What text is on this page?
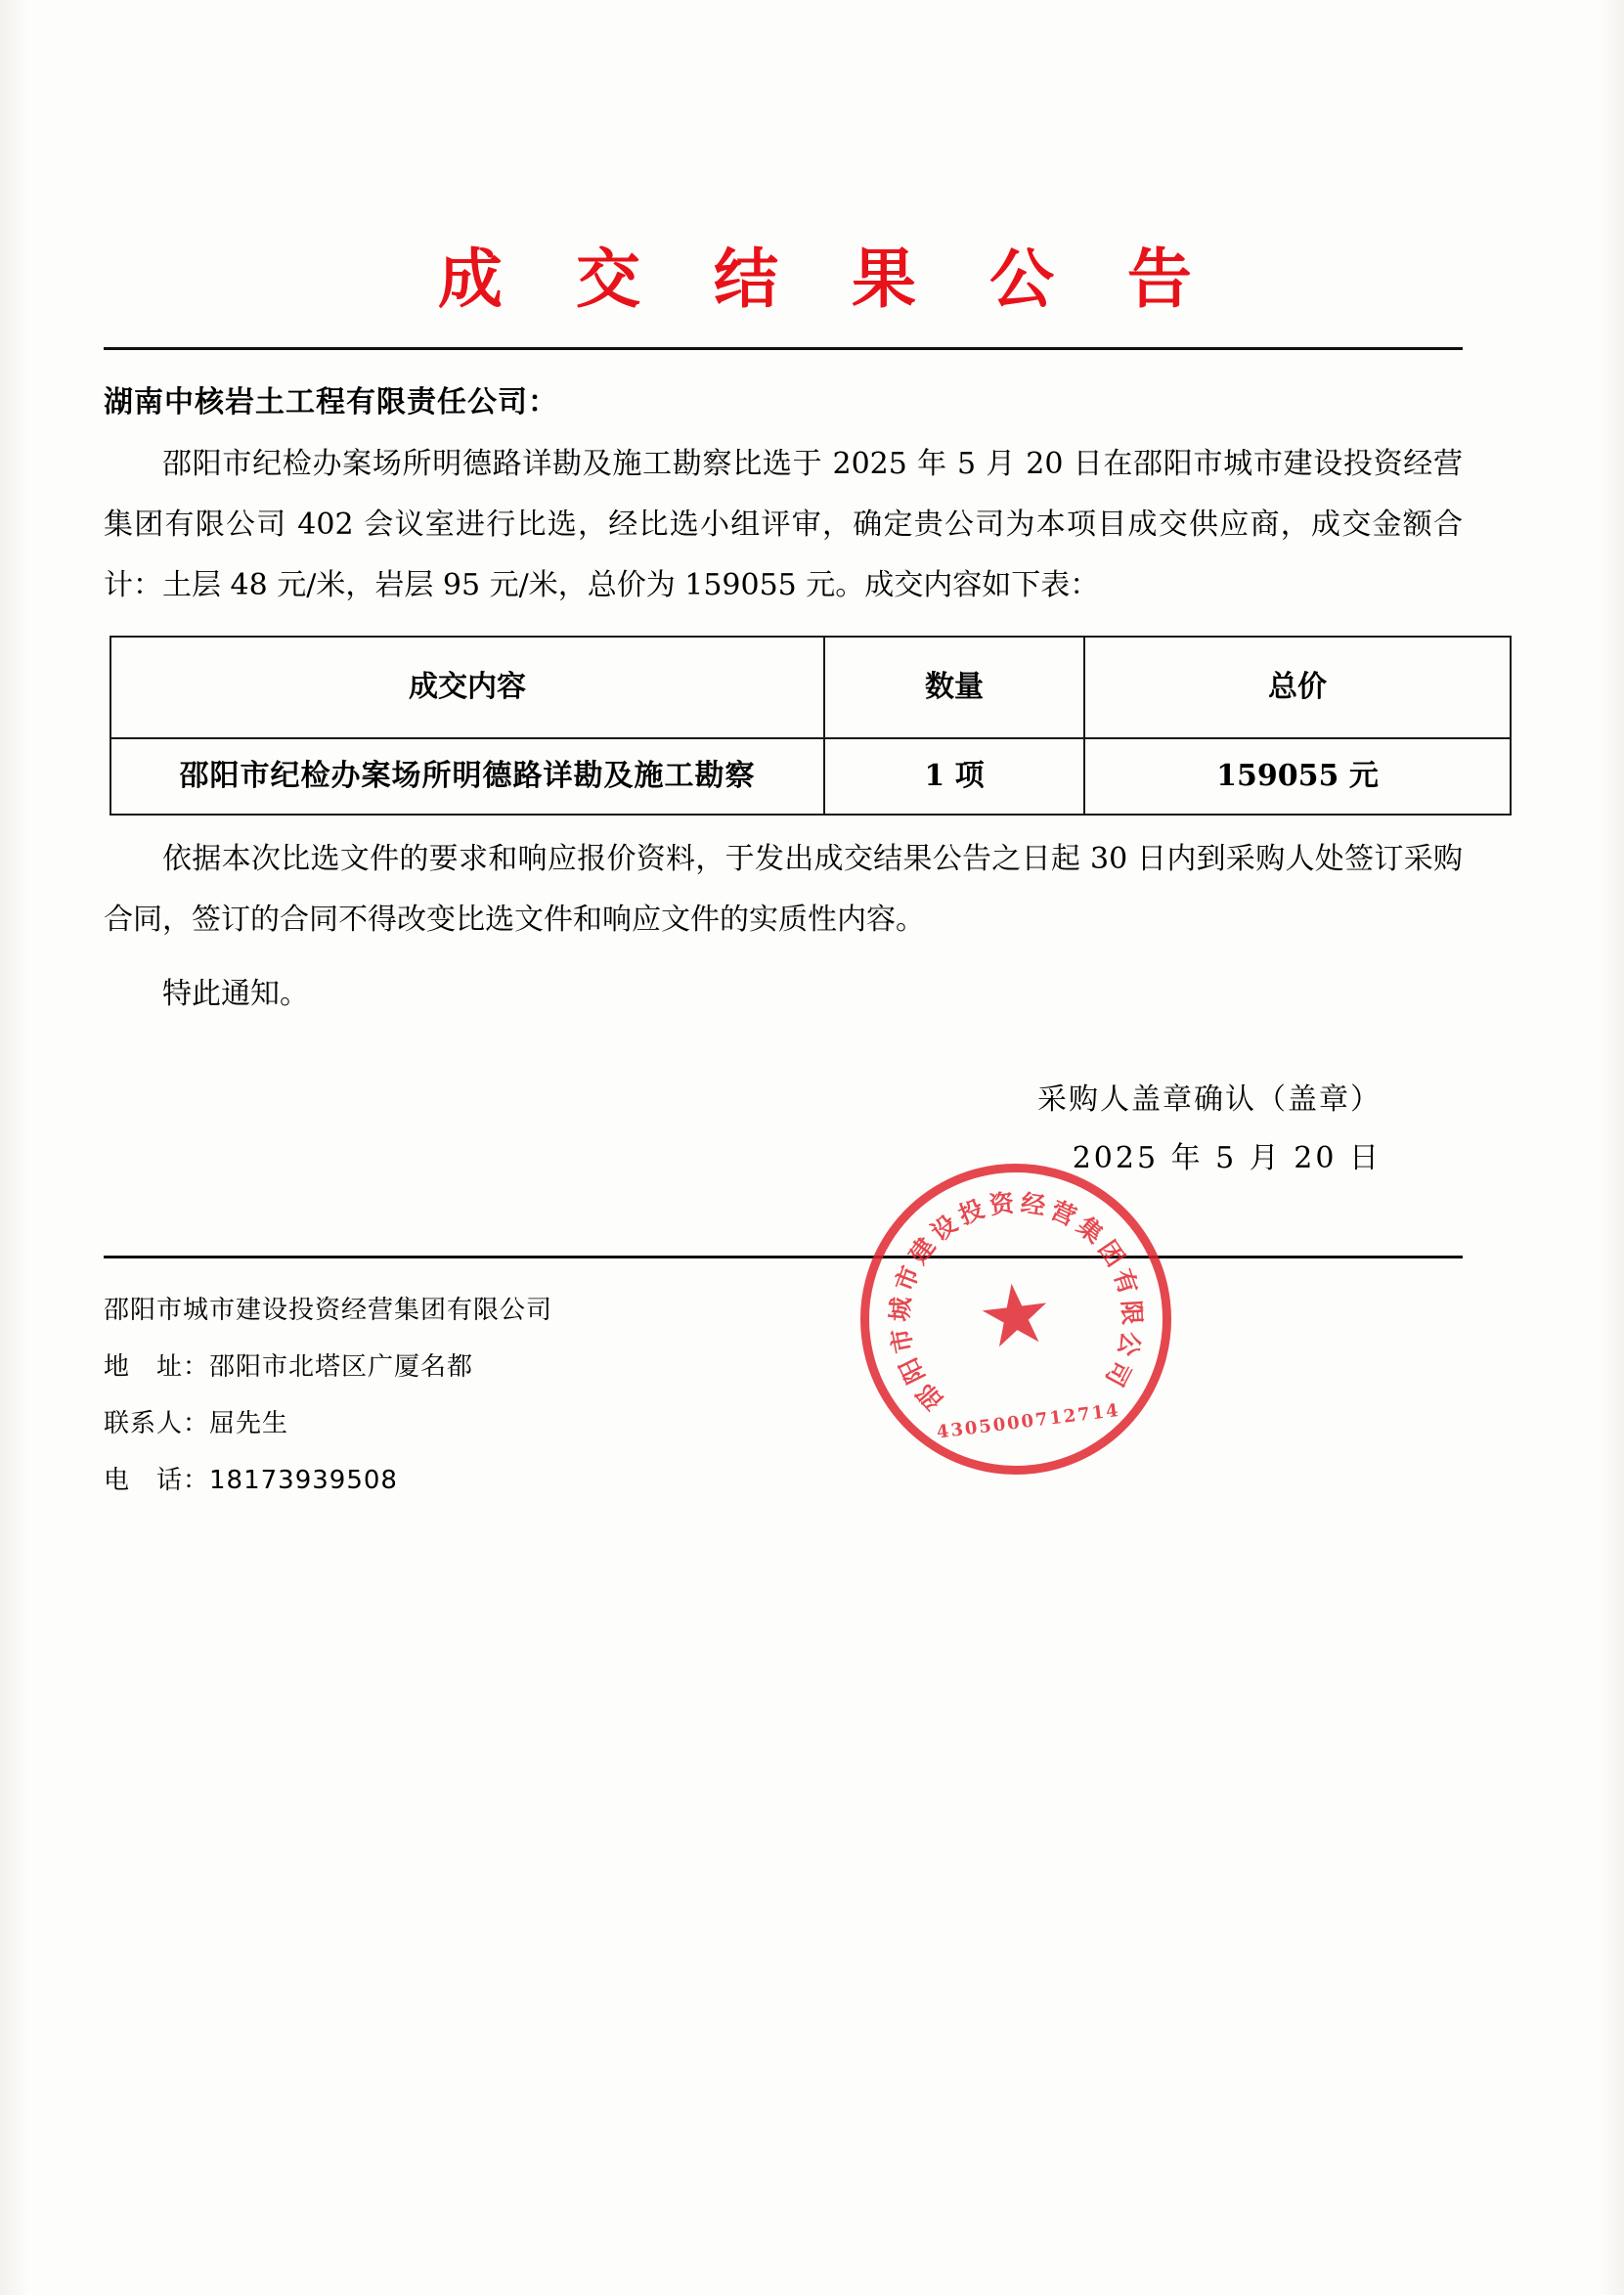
成 交 结 果 公 告
湖南中核岩土工程有限责任公司：
邵阳市纪检办案场所明德路详勘及施工勘察比选于 2025 年 5 月 20 日在邵阳市城市建设投资经营集团有限公司 402 会议室进行比选，经比选小组评审，确定贵公司为本项目成交供应商，成交金额合计：土层 48 元/米，岩层 95 元/米，总价为 159055 元。成交内容如下表：
成交内容	数量	总价
邵阳市纪检办案场所明德路详勘及施工勘察	1 项	159055 元
依据本次比选文件的要求和响应报价资料，于发出成交结果公告之日起 30 日内到采购人处签订采购合同，签订的合同不得改变比选文件和响应文件的实质性内容。
特此通知。
采购人盖章确认（盖章）
2025 年 5 月 20 日
邵阳市城市建设投资经营集团有限公司
地　址：邵阳市北塔区广厦名都
联系人：屈先生
电　话：18173939508
邵
阳
市
城
市
建
设
投 资 经
营
集
团
有
限
公
司
★
4305000712714
